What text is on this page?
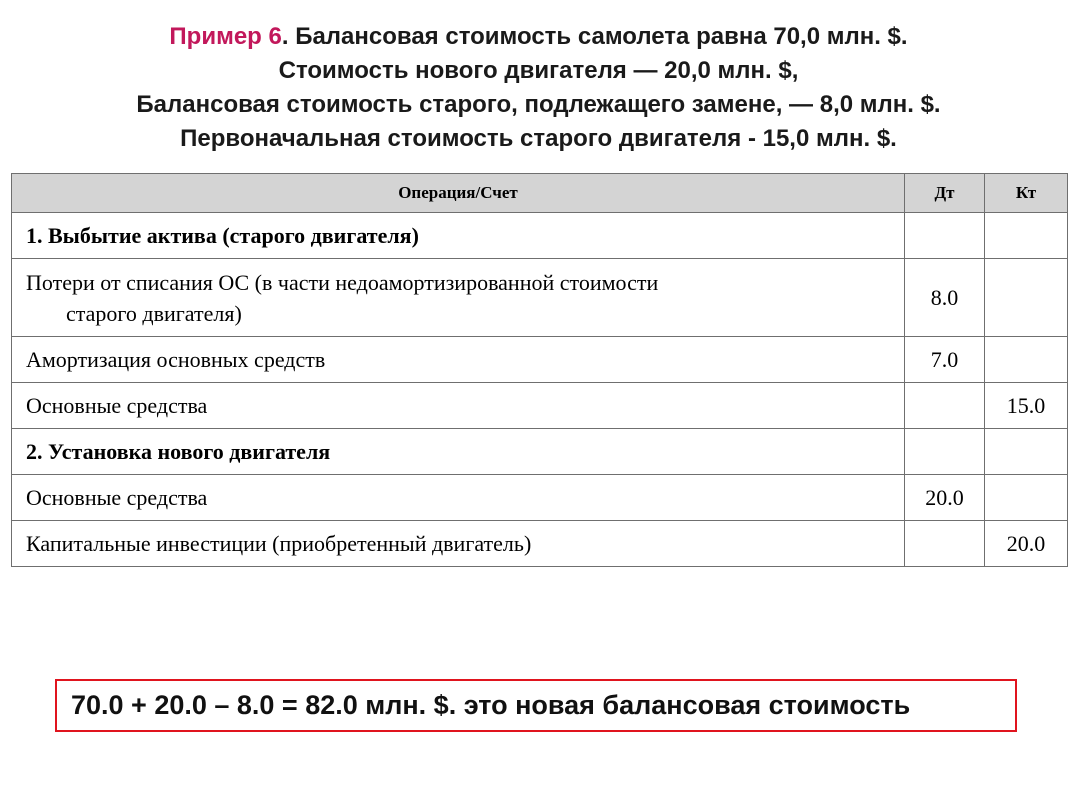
Пример 6. Балансовая стоимость самолета равна 70,0 млн. $.
Стоимость нового двигателя — 20,0 млн. $,
Балансовая стоимость старого, подлежащего замене, — 8,0 млн. $.
Первоначальная стоимость старого двигателя - 15,0 млн. $.
Операция/Счет	Дт	Кт
1. Выбытие актива (старого двигателя)		

Потери от списания ОС (в части недоамортизированной стоимости
старого двигателя)	8.0	
Амортизация основных средств	7.0	
Основные средства		15.0
2. Установка нового двигателя		
Основные средства	20.0	
Капитальные инвестиции (приобретенный двигатель)		20.0
70.0 + 20.0 – 8.0 = 82.0 млн. $. это новая балансовая стоимость
